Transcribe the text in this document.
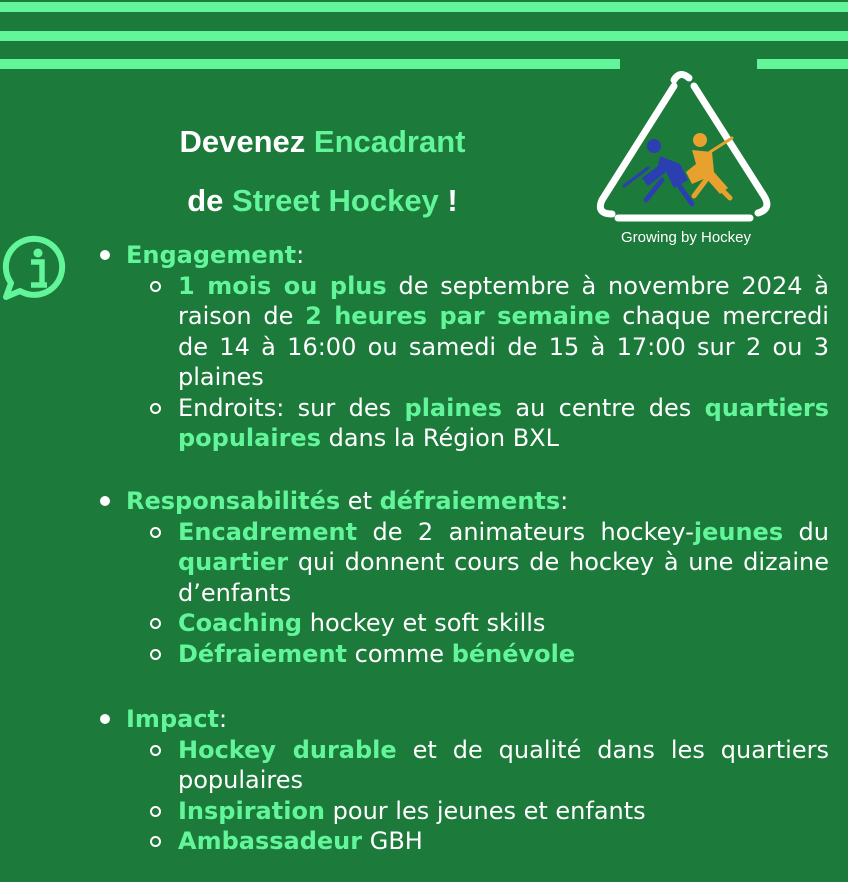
Devenez Encadrant
de Street Hockey !
Growing by Hockey
Engagement:
1 mois ou plus de septembre à novembre 2024 à raison de 2 heures par semaine chaque mercredi de 14 à 16:00 ou samedi de 15 à 17:00 sur 2 ou 3 plaines
Endroits: sur des plaines au centre des quartiers populaires dans la Région BXL
Responsabilités et défraiements:
Encadrement de 2 animateurs hockey-jeunes du quartier qui donnent cours de hockey à une dizaine d’enfants
Coaching hockey et soft skills
Défraiement comme bénévole
Impact:
Hockey durable et de qualité dans les quartiers populaires
Inspiration pour les jeunes et enfants
Ambassadeur GBH
